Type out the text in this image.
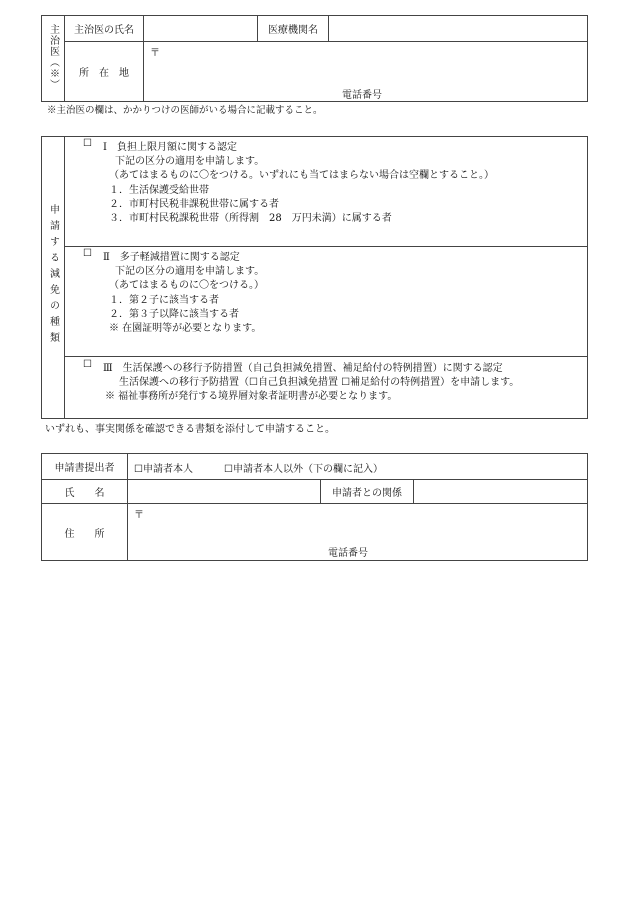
主治医（※）	主治医の氏名		医療機関名	
	所　在　地	〒
電話番号		
※主治医の欄は、かかりつけの医師がいる場合に記載すること。
申請する減免の種類	
☐ Ⅰ　負担上限月額に関する認定
下記の区分の適用を申請します。
（あてはまるものに〇をつける。いずれにも当てはまらない場合は空欄とすること。）
１．生活保護受給世帯
２．市町村民税非課税世帯に属する者
３．市町村民税課税世帯（所得割　28　万円未満）に属する者

☐ Ⅱ　多子軽減措置に関する認定
下記の区分の適用を申請します。
（あてはまるものに〇をつける。）
１．第２子に該当する者
２．第３子以降に該当する者
※ 在園証明等が必要となります。

☐ Ⅲ　生活保護への移行予防措置（自己負担減免措置、補足給付の特例措置）に関する認定
生活保護への移行予防措置（☐自己負担減免措置 ☐補足給付の特例措置）を申請します。
※ 福祉事務所が発行する境界層対象者証明書が必要となります。
いずれも、事実関係を確認できる書類を添付して申請すること。
申請書提出者	☐申請者本人 ☐申請者本人以外（下の欄に記入）		

氏　　名		申請者との関係	
住　　所	〒
電話番号		
